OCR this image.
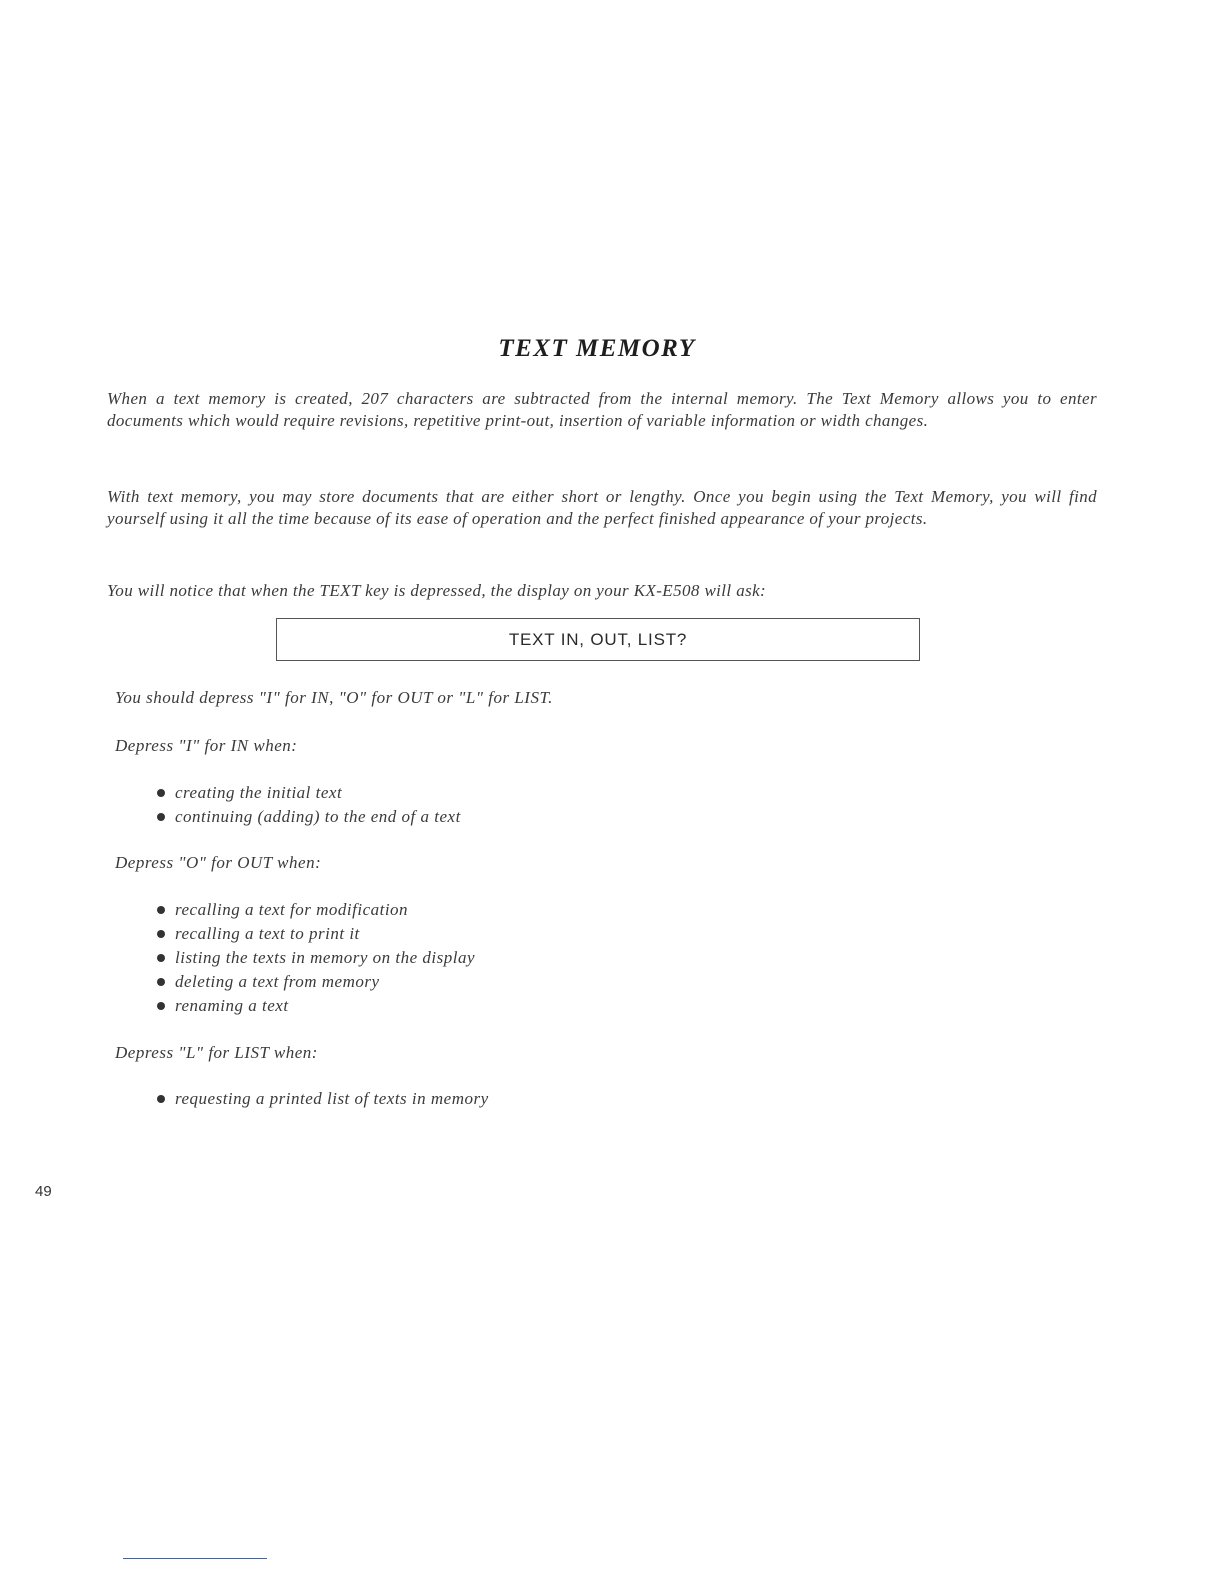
TEXT MEMORY

When a text memory is created, 207 characters are subtracted from the internal memory. The Text Memory allows you to enter documents which would require revisions, repetitive print-out, insertion of variable information or width changes.

With text memory, you may store documents that are either short or lengthy. Once you begin using the Text Memory, you will find yourself using it all the time because of its ease of operation and the perfect finished appearance of your projects.

You will notice that when the TEXT key is depressed, the display on your KX-E508 will ask:

TEXT IN, OUT, LIST?

You should depress "I" for IN, "O" for OUT or "L" for LIST.

Depress "I" for IN when:

creating the initial text
continuing (adding) to the end of a text

Depress "O" for OUT when:

recalling a text for modification
recalling a text to print it
listing the texts in memory on the display
deleting a text from memory
renaming a text

Depress "L" for LIST when:

requesting a printed list of texts in memory
49
